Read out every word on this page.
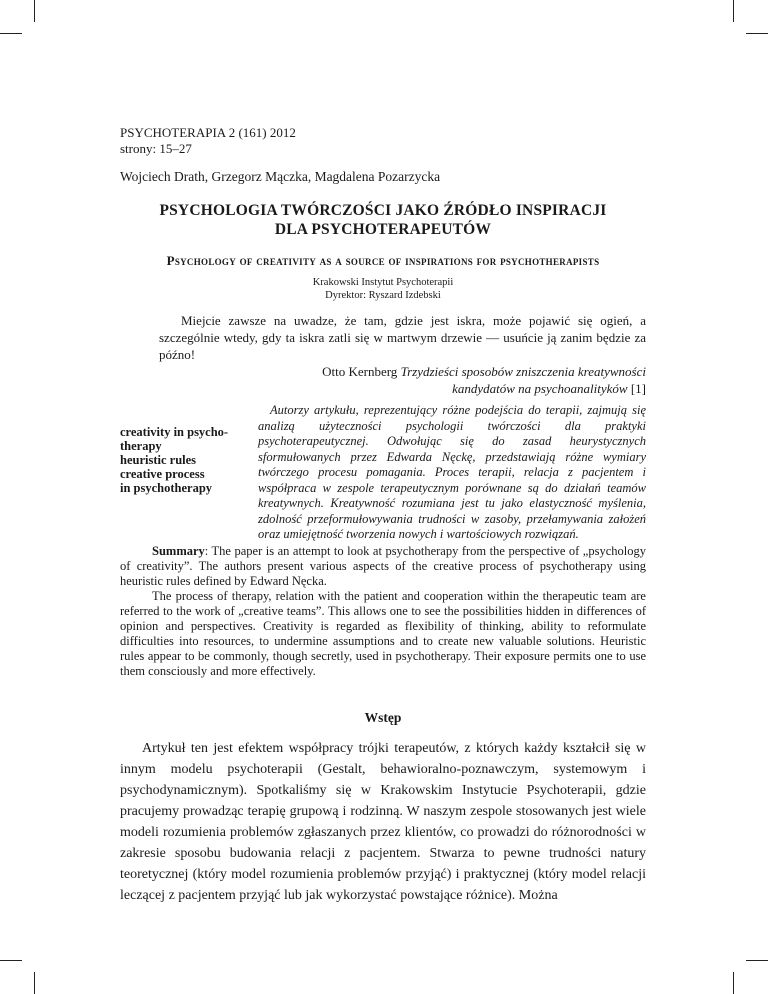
PSYCHOTERAPIA 2 (161) 2012
strony: 15–27
Wojciech Drath, Grzegorz Mączka, Magdalena Pozarzycka
PSYCHOLOGIA TWÓRCZOŚCI JAKO ŹRÓDŁO INSPIRACJI
DLA PSYCHOTERAPEUTÓW
Psychology of creativity as a source of inspirations for psychotherapists
Krakowski Instytut Psychoterapii
Dyrektor: Ryszard Izdebski

Miejcie zawsze na uwadze, że tam, gdzie jest iskra, może pojawić się ogień, a szczególnie wtedy, gdy ta iskra zatli się w martwym drzewie — usuńcie ją zanim będzie za późno!

Otto Kernberg Trzydzieści sposobów zniszczenia kreatywności
kandydatów na psychoanalityków [1]
creativity in psycho-
therapy
heuristic rules
creative process
in psychotherapy

Autorzy artykułu, reprezentujący różne podejścia do terapii, zajmują się analizą użyteczności psychologii twórczości dla praktyki psychoterapeutycznej. Odwołując się do zasad heurystycznych sformułowanych przez Edwarda Nęckę, przedstawiają różne wymiary twórczego procesu pomagania. Proces terapii, relacja z pacjentem i współpraca w zespole terapeutycznym porównane są do działań teamów kreatywnych. Kreatywność rozumiana jest tu jako elastyczność myślenia, zdolność przeformułowywania trudności w zasoby, przełamywania założeń oraz umiejętność tworzenia nowych i wartościowych rozwiązań.

Summary: The paper is an attempt to look at psychotherapy from the perspective of „psychology of creativity”. The authors present various aspects of the creative process of psychotherapy using heuristic rules defined by Edward Nęcka.

The process of therapy, relation with the patient and cooperation within the therapeutic team are referred to the work of „creative teams”. This allows one to see the possibilities hidden in differences of opinion and perspectives. Creativity is regarded as flexibility of thinking, ability to reformulate difficulties into resources, to undermine assumptions and to create new valuable solutions. Heuristic rules appear to be commonly, though secretly, used in psychotherapy. Their exposure permits one to use them consciously and more effectively.

Wstęp

Artykuł ten jest efektem współpracy trójki terapeutów, z których każdy kształcił się w innym modelu psychoterapii (Gestalt, behawioralno-poznawczym, systemowym i psychodynamicznym). Spotkaliśmy się w Krakowskim Instytucie Psychoterapii, gdzie pracujemy prowadząc terapię grupową i rodzinną. W naszym zespole stosowanych jest wiele modeli rozumienia problemów zgłaszanych przez klientów, co prowadzi do różnorodności w zakresie sposobu budowania relacji z pacjentem. Stwarza to pewne trudności natury teoretycznej (który model rozumienia problemów przyjąć) i praktycznej (który model relacji leczącej z pacjentem przyjąć lub jak wykorzystać powstające różnice). Można
